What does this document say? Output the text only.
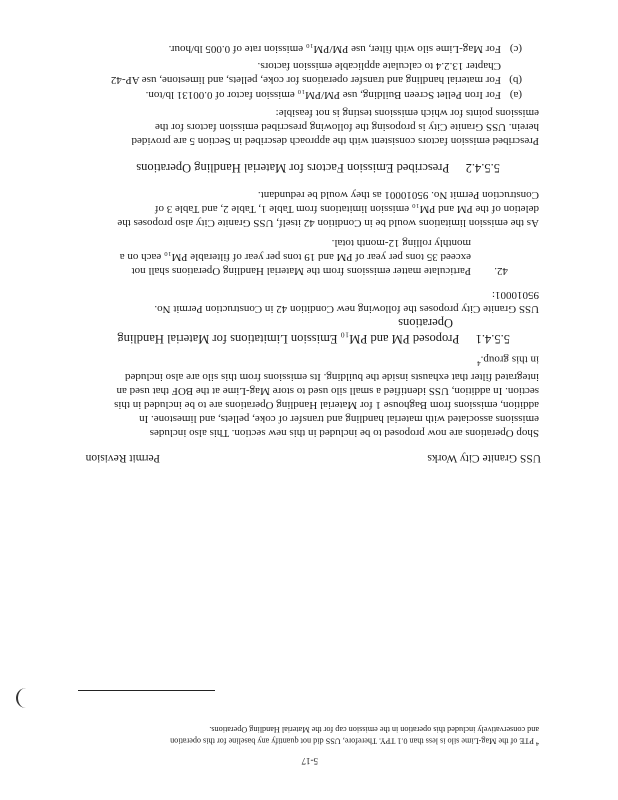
USS Granite City Works
Permit Revision
Shop Operations are now proposed to be included in this new section. This also includes
emissions associated with material handling and transfer of coke, pellets, and limestone. In
addition, emissions from Baghouse 1 for Material Handling Operations are to be included in this
section. In addition, USS identified a small silo used to store Mag-Lime at the BOF that used an
integrated filter that exhausts inside the building. Its emissions from this silo are also included
in this group.$^4$
5.5.4.1  Proposed PM and PM₁₀ Emission Limitations for Material Handling
Operations
USS Granite City proposes the following new Condition 42 in Construction Permit No.
95010001:
42.
Particulate matter emissions from the Material Handling Operations shall not
exceed 35 tons per year of PM and 19 tons per year of filterable PM₁₀ each on a
monthly rolling 12-month total.
As the emission limitations would be in Condition 42 itself, USS Granite City also proposes the
deletion of the PM and PM₁₀ emission limitations from Table 1, Table 2, and Table 3 of
Construction Permit No. 95010001 as they would be redundant.
5.5.4.2  Prescribed Emission Factors for Material Handling Operations
Prescribed emission factors consistent with the approach described in Section 5 are provided
herein. USS Granite City is proposing the following prescribed emission factors for the
emissions points for which emissions testing is not feasible:
(a)
For Iron Pellet Screen Building, use PM/PM₁₀ emission factor of 0.00131 lb/ton.
(b)
For material handling and transfer operations for coke, pellets, and limestone, use AP-42
Chapter 13.2.4 to calculate applicable emission factors.
(c)
For Mag-Lime silo with filter, use PM/PM₁₀ emission rate of 0.005 lb/hour.
$^4$ PTE of the Mag-Lime silo is less than 0.1 TPY. Therefore, USS did not quantify any baseline for this operation
and conservatively included this operation in the emission cap for the Material Handling Operations.
5-17
